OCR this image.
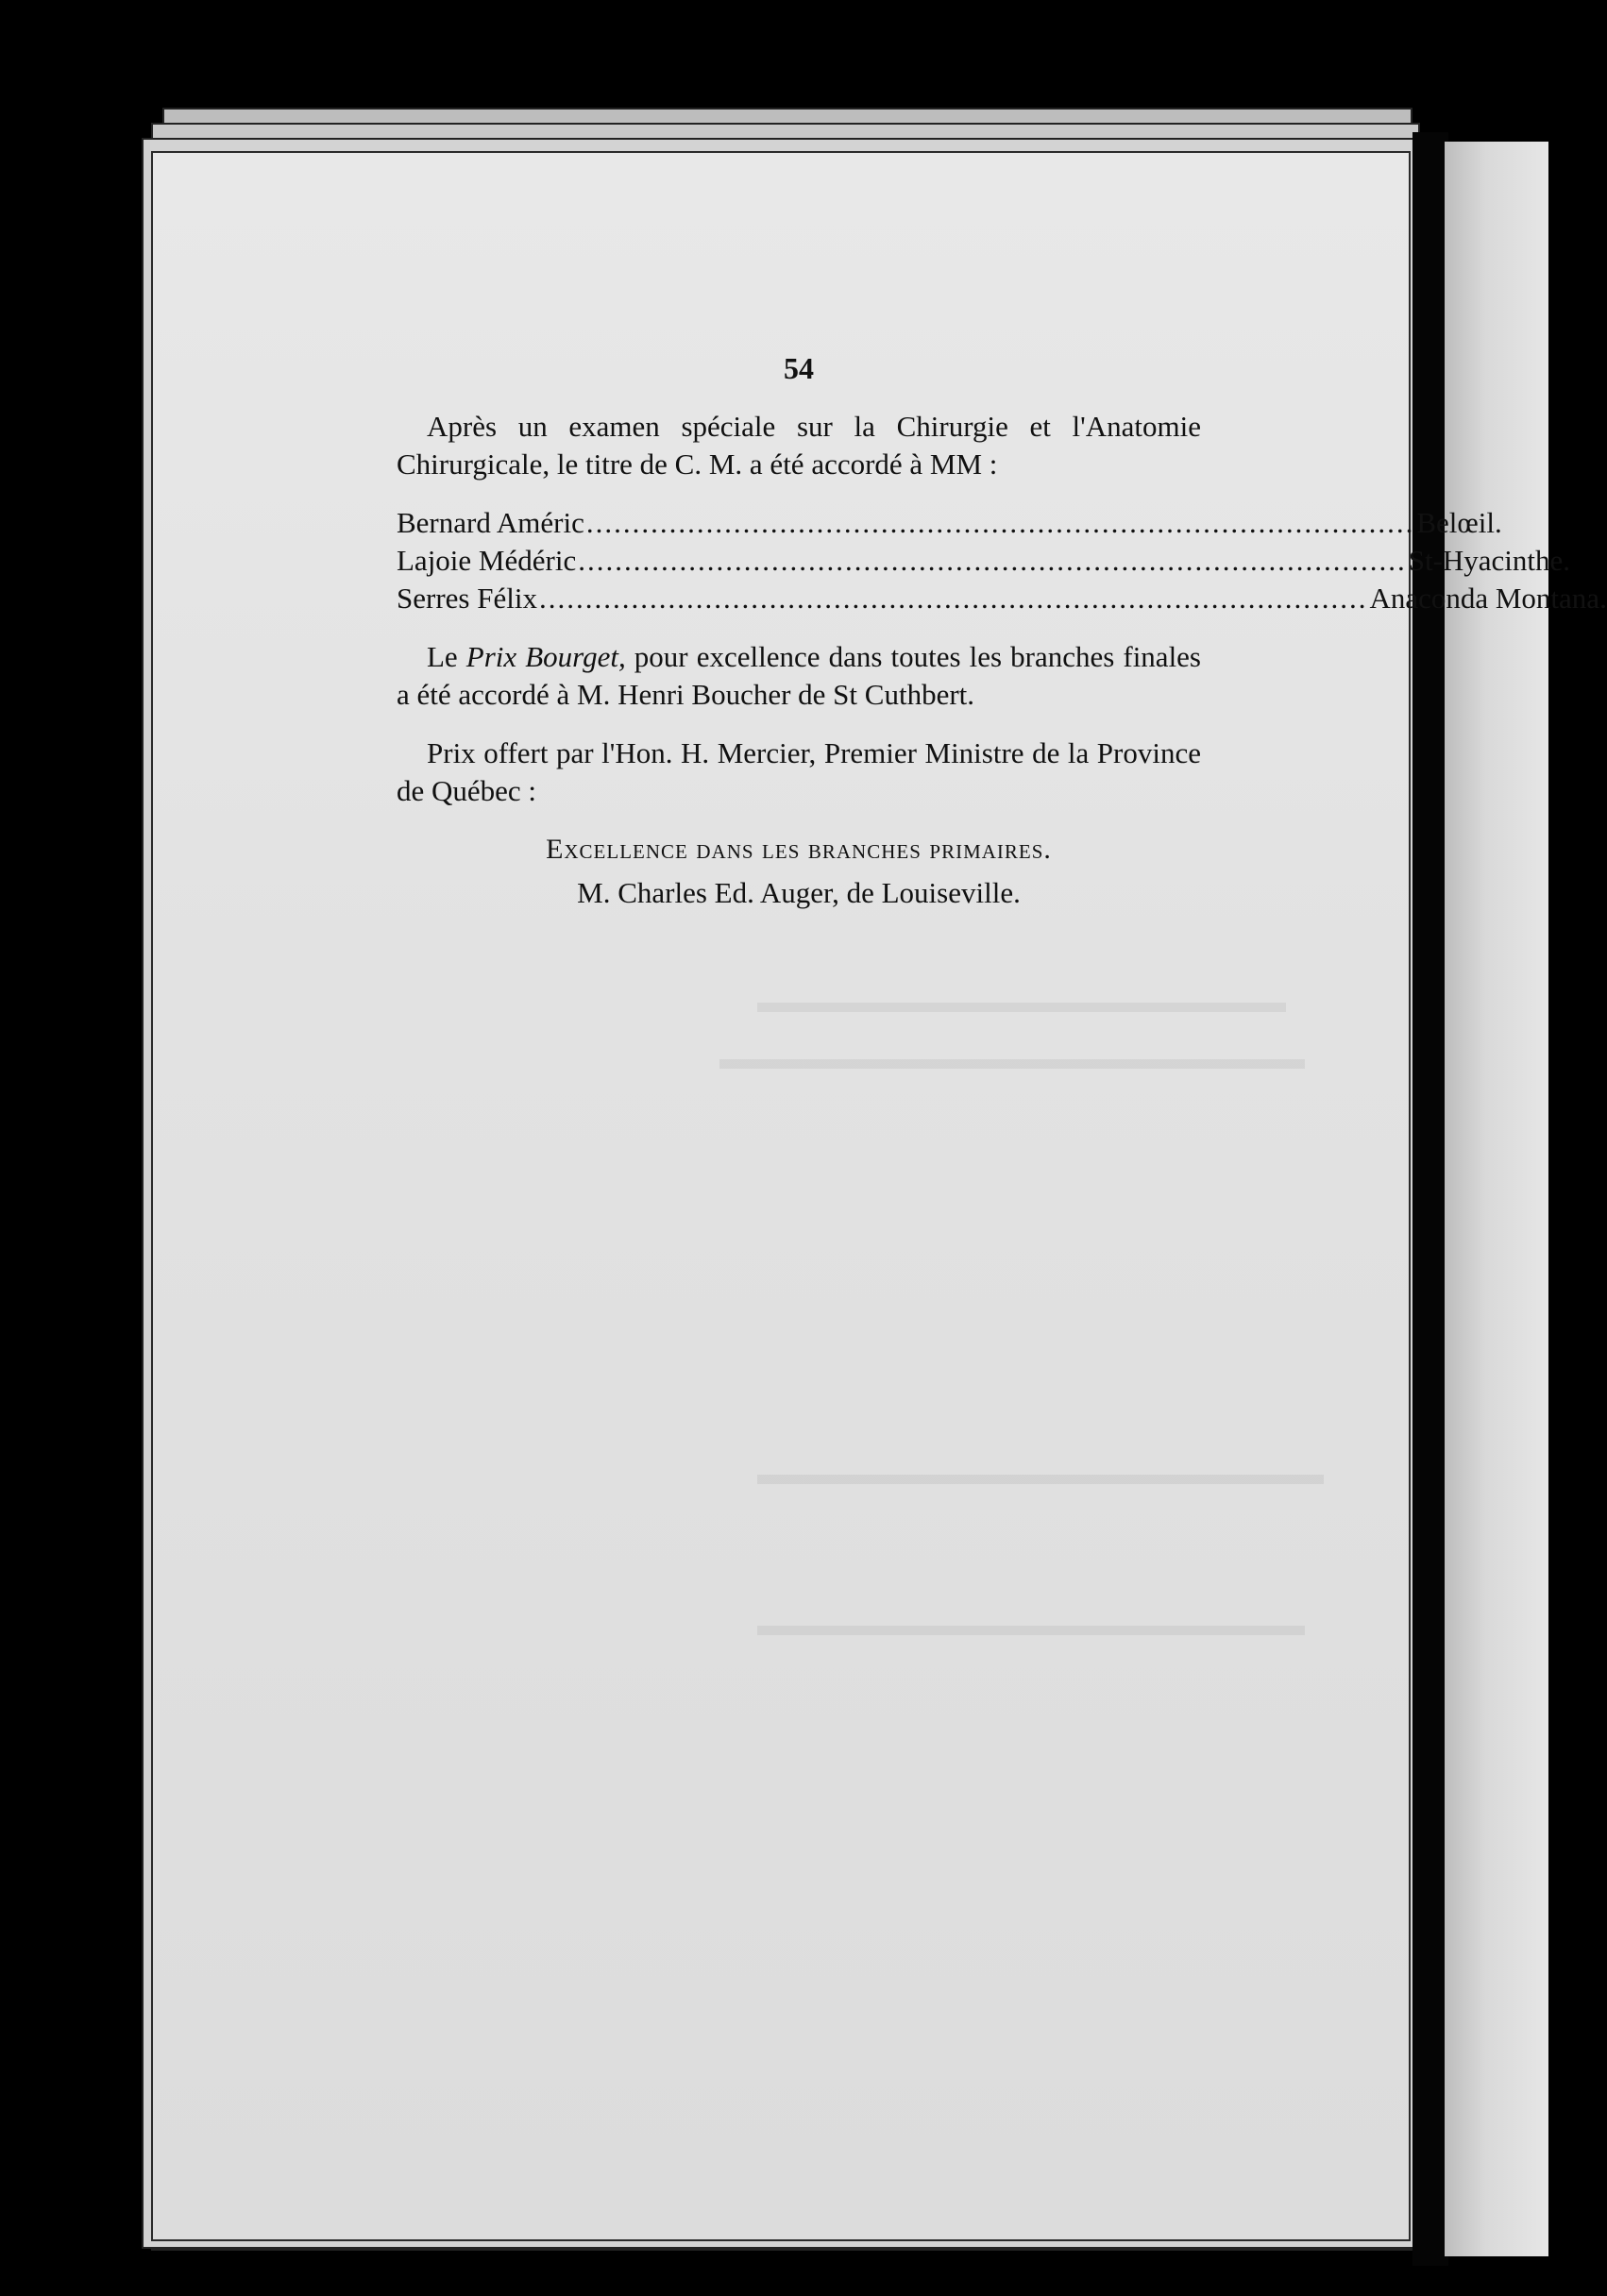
54

Après un examen spéciale sur la Chirurgie et l'Anatomie Chirurgicale, le titre de C. M. a été accordé à MM :

Bernard Améric .......................................................................................... Belœil.
Lajoie Médéric .......................................................................................... St-Hyacinthe.
Serres Félix .......................................................................................... Anaconda Montana.

Le Prix Bourget, pour excellence dans toutes les branches finales a été accordé à M. Henri Boucher de St Cuthbert.

Prix offert par l'Hon. H. Mercier, Premier Ministre de la Province de Québec :

Excellence dans les branches primaires.
M. Charles Ed. Auger, de Louiseville.
